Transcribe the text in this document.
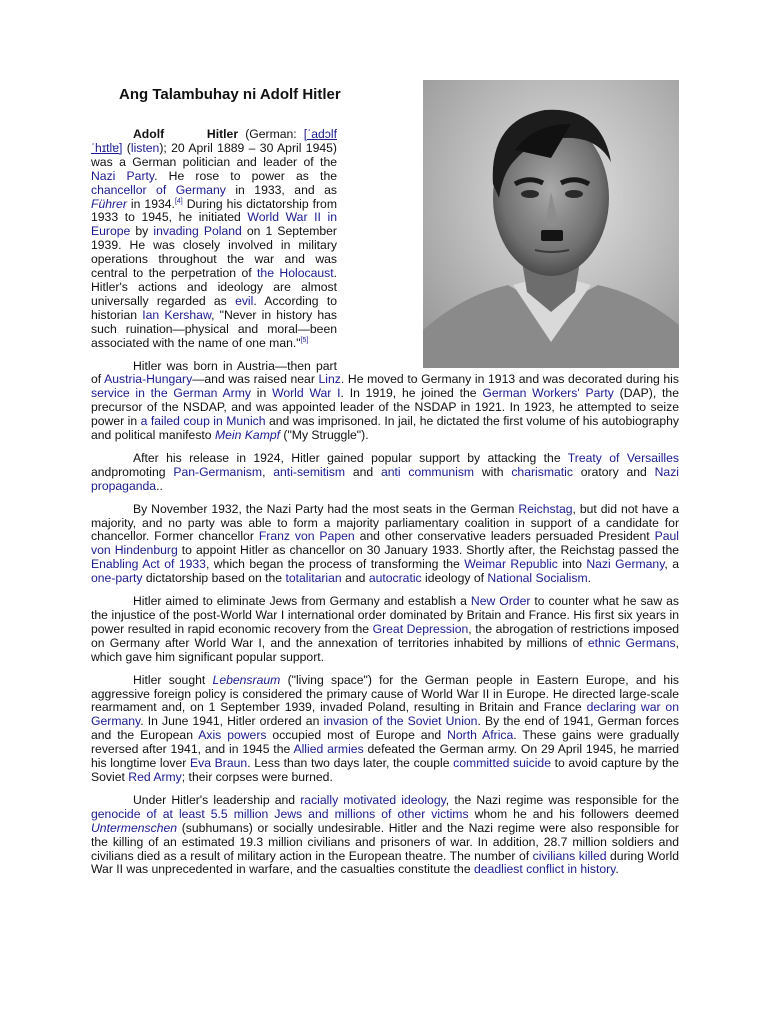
Ang Talambuhay ni Adolf Hitler

Adolf	Hitler (German: [ˈadɔlf ˈhɪtlɐ] (listen); 20 April 1889 – 30 April 1945) was a German politician and leader of the Nazi Party. He rose to power as the chancellor of Germany in 1933, and as Führer in 1934.[4] During his dictatorship from 1933 to 1945, he initiated World War II in Europe by invading Poland on 1 September 1939. He was closely involved in military operations throughout the war and was central to the perpetration of the Holocaust. Hitler's actions and ideology are almost universally regarded as evil. According to historian Ian Kershaw, "Never in history has such ruination—physical and moral—been associated with the name of one man."[5]

Hitler was born in Austria—then part of Austria-Hungary—and was raised near Linz. He moved to Germany in 1913 and was decorated during his service in the German Army in World War I. In 1919, he joined the German Workers' Party (DAP), the precursor of the NSDAP, and was appointed leader of the NSDAP in 1921. In 1923, he attempted to seize power in a failed coup in Munich and was imprisoned. In jail, he dictated the first volume of his autobiography and political manifesto Mein Kampf ("My Struggle").

After his release in 1924, Hitler gained popular support by attacking the Treaty of Versailles andpromoting Pan-Germanism, anti-semitism and anti communism with charismatic oratory and Nazi propaganda..

By November 1932, the Nazi Party had the most seats in the German Reichstag, but did not have a majority, and no party was able to form a majority parliamentary coalition in support of a candidate for chancellor. Former chancellor Franz von Papen and other conservative leaders persuaded President Paul von Hindenburg to appoint Hitler as chancellor on 30 January 1933. Shortly after, the Reichstag passed the Enabling Act of 1933, which began the process of transforming the Weimar Republic into Nazi Germany, a one-party dictatorship based on the totalitarian and autocratic ideology of National Socialism.

Hitler aimed to eliminate Jews from Germany and establish a New Order to counter what he saw as the injustice of the post-World War I international order dominated by Britain and France. His first six years in power resulted in rapid economic recovery from the Great Depression, the abrogation of restrictions imposed on Germany after World War I, and the annexation of territories inhabited by millions of ethnic Germans, which gave him significant popular support.

Hitler sought Lebensraum ("living space") for the German people in Eastern Europe, and his aggressive foreign policy is considered the primary cause of World War II in Europe. He directed large-scale rearmament and, on 1 September 1939, invaded Poland, resulting in Britain and France declaring war on Germany. In June 1941, Hitler ordered an invasion of the Soviet Union. By the end of 1941, German forces and the European Axis powers occupied most of Europe and North Africa. These gains were gradually reversed after 1941, and in 1945 the Allied armies defeated the German army. On 29 April 1945, he married his longtime lover Eva Braun. Less than two days later, the couple committed suicide to avoid capture by the Soviet Red Army; their corpses were burned.

Under Hitler's leadership and racially motivated ideology, the Nazi regime was responsible for the genocide of at least 5.5 million Jews and millions of other victims whom he and his followers deemed Untermenschen (subhumans) or socially undesirable. Hitler and the Nazi regime were also responsible for the killing of an estimated 19.3 million civilians and prisoners of war. In addition, 28.7 million soldiers and civilians died as a result of military action in the European theatre. The number of civilians killed during World War II was unprecedented in warfare, and the casualties constitute the deadliest conflict in history.
